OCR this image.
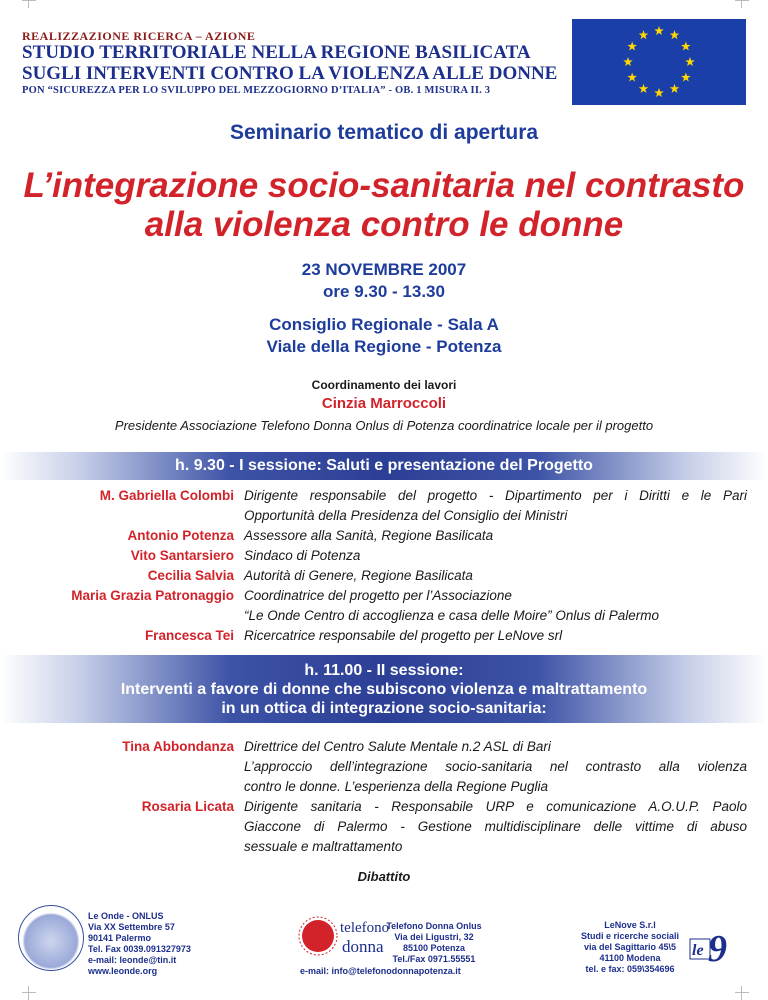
REALIZZAZIONE RICERCA – AZIONE
STUDIO TERRITORIALE NELLA REGIONE BASILICATA
SUGLI INTERVENTI CONTRO LA VIOLENZA ALLE DONNE
PON “SICUREZZA PER LO SVILUPPO DEL MEZZOGIORNO D’ITALIA” - OB. 1 MISURA II. 3
Seminario tematico di apertura
L’integrazione socio-sanitaria nel contrasto
alla violenza contro le donne
23 NOVEMBRE 2007
ore 9.30 - 13.30
Consiglio Regionale - Sala A
Viale della Regione - Potenza
Coordinamento dei lavori
Cinzia Marroccoli
Presidente Associazione Telefono Donna Onlus di Potenza coordinatrice locale per il progetto
h. 9.30 - I sessione: Saluti e presentazione del Progetto
M. Gabriella Colombi Dirigente responsabile del progetto - Dipartimento per i Diritti e le Pari
Opportunità della Presidenza del Consiglio dei Ministri
Antonio Potenza Assessore alla Sanità, Regione Basilicata
Vito Santarsiero Sindaco di Potenza
Cecilia Salvia Autorità di Genere, Regione Basilicata
Maria Grazia Patronaggio Coordinatrice del progetto per l’Associazione
“Le Onde Centro di accoglienza e casa delle Moire” Onlus di Palermo
Francesca Tei Ricercatrice responsabile del progetto per LeNove srl
h. 11.00 - II sessione:
Interventi a favore di donne che subiscono violenza e maltrattamento
in un ottica di integrazione socio-sanitaria:
Tina Abbondanza Direttrice del Centro Salute Mentale n.2 ASL di Bari
L’approccio dell’integrazione socio-sanitaria nel contrasto alla violenza
contro le donne. L’esperienza della Regione Puglia
Rosaria Licata Dirigente sanitaria - Responsabile URP e comunicazione A.O.U.P. Paolo
Giaccone di Palermo - Gestione multidisciplinare delle vittime di abuso
sessuale e maltrattamento
Dibattito
Le Onde - ONLUS
Via XX Settembre 57
90141 Palermo
Tel. Fax 0039.091327973
e-mail: leonde@tin.it
www.leonde.org
telefono
donna
Telefono Donna Onlus
Via dei Ligustri, 32
85100 Potenza
Tel./Fax 0971.55551
e-mail: info@telefonodonnapotenza.it
LeNove S.r.l
Studi e ricerche sociali
via del Sagittario 45\5
41100 Modena
tel. e fax: 059\354696
le 9
